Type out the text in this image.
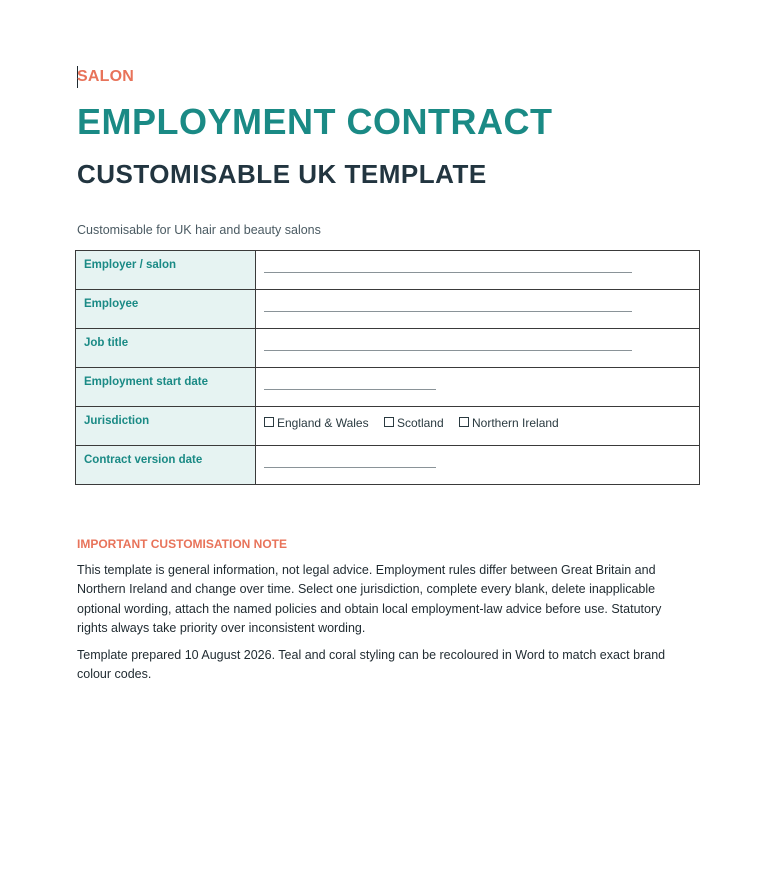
SALON
EMPLOYMENT CONTRACT
CUSTOMISABLE UK TEMPLATE
Customisable for UK hair and beauty salons
Employer / salon	
Employee	
Job title	
Employment start date	
Jurisdiction	England & Wales Scotland Northern Ireland
Contract version date	
IMPORTANT CUSTOMISATION NOTE
This template is general information, not legal advice. Employment rules differ between Great Britain and Northern Ireland and change over time. Select one jurisdiction, complete every blank, delete inapplicable optional wording, attach the named policies and obtain local employment-law advice before use. Statutory rights always take priority over inconsistent wording.
Template prepared 10 August 2026. Teal and coral styling can be recoloured in Word to match exact brand colour codes.
